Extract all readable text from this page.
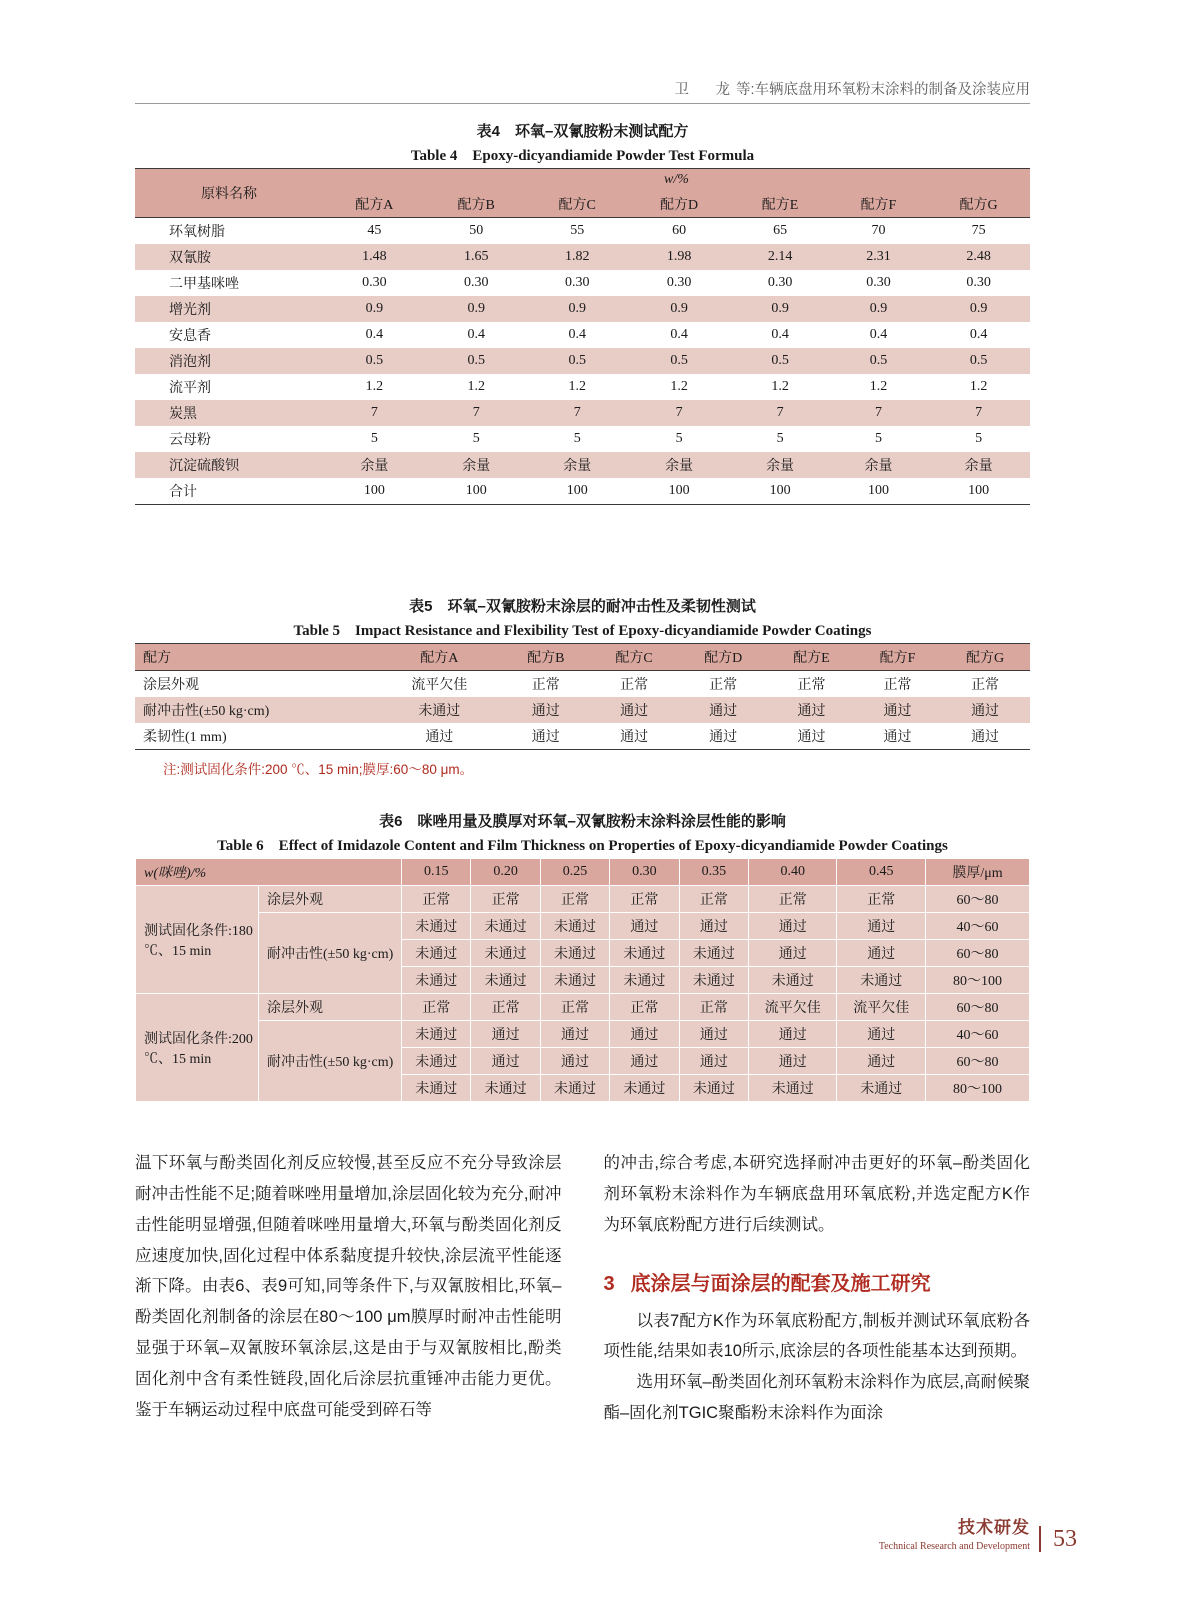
卫　龙等:车辆底盘用环氧粉末涂料的制备及涂装应用
表4　环氧–双氰胺粉末测试配方
Table 4　Epoxy-dicyandiamide Powder Test Formula
原料名称	w/%						
	配方A	配方B	配方C	配方D	配方E	配方F	配方G
环氧树脂	45	50	55	60	65	70	75
双氰胺	1.48	1.65	1.82	1.98	2.14	2.31	2.48
二甲基咪唑	0.30	0.30	0.30	0.30	0.30	0.30	0.30
增光剂	0.9	0.9	0.9	0.9	0.9	0.9	0.9
安息香	0.4	0.4	0.4	0.4	0.4	0.4	0.4
消泡剂	0.5	0.5	0.5	0.5	0.5	0.5	0.5
流平剂	1.2	1.2	1.2	1.2	1.2	1.2	1.2
炭黑	7	7	7	7	7	7	7
云母粉	5	5	5	5	5	5	5
沉淀硫酸钡	余量	余量	余量	余量	余量	余量	余量
合计	100	100	100	100	100	100	100
表5　环氧–双氰胺粉末涂层的耐冲击性及柔韧性测试
Table 5　Impact Resistance and Flexibility Test of Epoxy-dicyandiamide Powder Coatings
配方	配方A	配方B	配方C	配方D	配方E	配方F	配方G
涂层外观	流平欠佳	正常	正常	正常	正常	正常	正常
耐冲击性(±50 kg·cm)	未通过	通过	通过	通过	通过	通过	通过
柔韧性(1 mm)	通过	通过	通过	通过	通过	通过	通过
注:测试固化条件:200 ℃、15 min;膜厚:60～80 μm。
表6　咪唑用量及膜厚对环氧–双氰胺粉末涂料涂层性能的影响
Table 6　Effect of Imidazole Content and Film Thickness on Properties of Epoxy-dicyandiamide Powder Coatings
w(咪唑)/%		0.15	0.20	0.25	0.30	0.35	0.40	0.45	膜厚/μm
测试固化条件:180 ℃、15 min	涂层外观	正常	正常	正常	正常	正常	正常	正常	60～80
	耐冲击性(±50 kg·cm)	未通过	未通过	未通过	通过	通过	通过	通过	40～60
		未通过	未通过	未通过	未通过	未通过	通过	通过	60～80
		未通过	未通过	未通过	未通过	未通过	未通过	未通过	80～100
测试固化条件:200 ℃、15 min	涂层外观	正常	正常	正常	正常	正常	流平欠佳	流平欠佳	60～80
	耐冲击性(±50 kg·cm)	未通过	通过	通过	通过	通过	通过	通过	40～60
		未通过	通过	通过	通过	通过	通过	通过	60～80
		未通过	未通过	未通过	未通过	未通过	未通过	未通过	80～100

温下环氧与酚类固化剂反应较慢,甚至反应不充分导致涂层耐冲击性能不足;随着咪唑用量增加,涂层固化较为充分,耐冲击性能明显增强,但随着咪唑用量增大,环氧与酚类固化剂反应速度加快,固化过程中体系黏度提升较快,涂层流平性能逐渐下降。由表6、表9可知,同等条件下,与双氰胺相比,环氧–酚类固化剂制备的涂层在80～100 μm膜厚时耐冲击性能明显强于环氧–双氰胺环氧涂层,这是由于与双氰胺相比,酚类固化剂中含有柔性链段,固化后涂层抗重锤冲击能力更优。鉴于车辆运动过程中底盘可能受到碎石等

的冲击,综合考虑,本研究选择耐冲击更好的环氧–酚类固化剂环氧粉末涂料作为车辆底盘用环氧底粉,并选定配方K作为环氧底粉配方进行后续测试。

3 底涂层与面涂层的配套及施工研究

以表7配方K作为环氧底粉配方,制板并测试环氧底粉各项性能,结果如表10所示,底涂层的各项性能基本达到预期。

选用环氧–酚类固化剂环氧粉末涂料作为底层,高耐候聚酯–固化剂TGIC聚酯粉末涂料作为面涂

技术研发
Technical Research and Development 53
